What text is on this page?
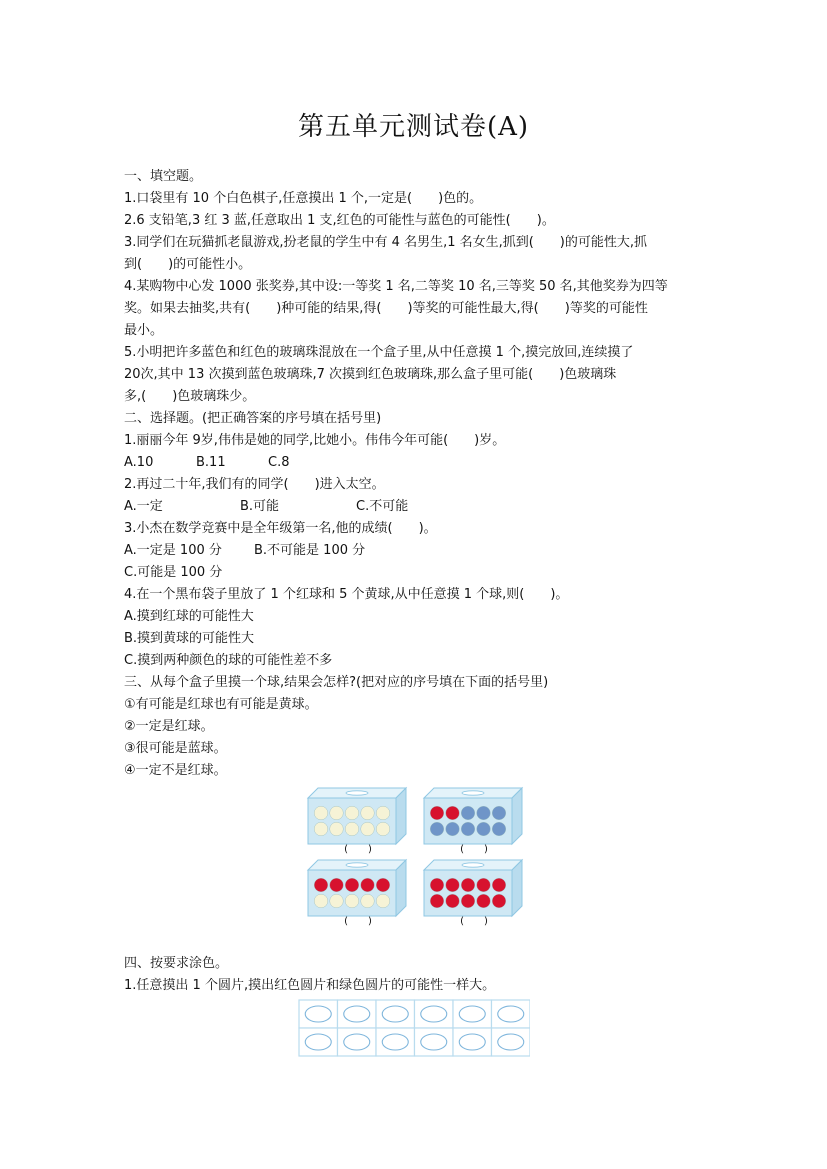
第五单元测试卷(A)

一、填空题。

1.口袋里有 10 个白色棋子,任意摸出 1 个,一定是(　　)色的。

2.6 支铅笔,3 红 3 蓝,任意取出 1 支,红色的可能性与蓝色的可能性(　　)。

3.同学们在玩猫抓老鼠游戏,扮老鼠的学生中有 4 名男生,1 名女生,抓到(　　)的可能性大,抓

到(　　)的可能性小。

4.某购物中心发 1000 张奖券,其中设:一等奖 1 名,二等奖 10 名,三等奖 50 名,其他奖券为四等

奖。如果去抽奖,共有(　　)种可能的结果,得(　　)等奖的可能性最大,得(　　)等奖的可能性

最小。

5.小明把许多蓝色和红色的玻璃珠混放在一个盒子里,从中任意摸 1 个,摸完放回,连续摸了

20次,其中 13 次摸到蓝色玻璃珠,7 次摸到红色玻璃珠,那么盒子里可能(　　)色玻璃珠

多,(　　)色玻璃珠少。

二、选择题。(把正确答案的序号填在括号里)

1.丽丽今年 9岁,伟伟是她的同学,比她小。伟伟今年可能(　　)岁。

A.10	B.11	C.8

2.再过二十年,我们有的同学(　　)进入太空。

A.一定	B.可能	C.不可能

3.小杰在数学竞赛中是全年级第一名,他的成绩(　　)。

A.一定是 100 分 B.不可能是 100 分

C.可能是 100 分

4.在一个黑布袋子里放了 1 个红球和 5 个黄球,从中任意摸 1 个球,则(　　)。

A.摸到红球的可能性大

B.摸到黄球的可能性大

C.摸到两种颜色的球的可能性差不多

三、从每个盒子里摸一个球,结果会怎样?(把对应的序号填在下面的括号里)

①有可能是红球也有可能是黄球。

②一定是红球。

③很可能是蓝球。

④一定不是红球。

(　　)	(　　)
(　　)	(　　)

四、按要求涂色。

1.任意摸出 1 个圆片,摸出红色圆片和绿色圆片的可能性一样大。
